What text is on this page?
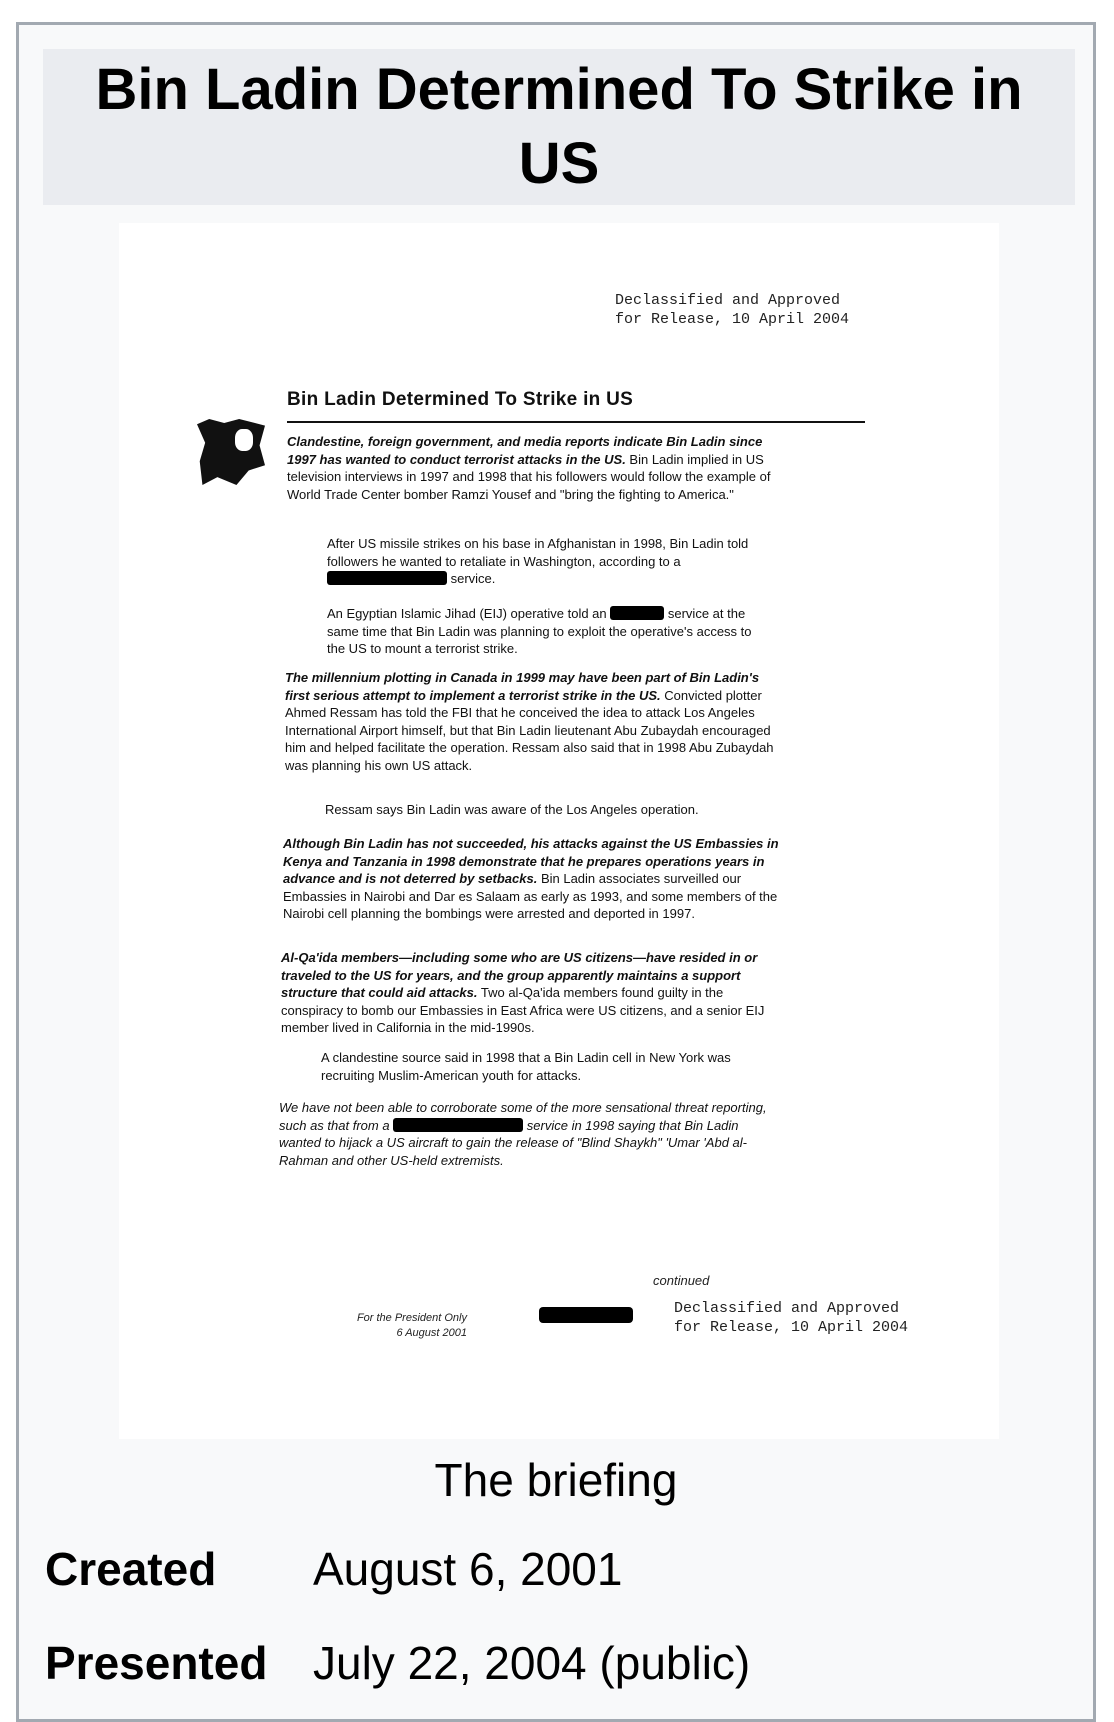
Bin Ladin Determined To Strike in US
Declassified and Approved
for Release, 10 April 2004
Bin Ladin Determined To Strike in US
Clandestine, foreign government, and media reports indicate Bin Ladin since 1997 has wanted to conduct terrorist attacks in the US. Bin Ladin implied in US television interviews in 1997 and 1998 that his followers would follow the example of World Trade Center bomber Ramzi Yousef and "bring the fighting to America."
After US missile strikes on his base in Afghanistan in 1998, Bin Ladin told followers he wanted to retaliate in Washington, according to a  service.
An Egyptian Islamic Jihad (EIJ) operative told an	service at the same time that Bin Ladin was planning to exploit the operative's access to the US to mount a terrorist strike.
The millennium plotting in Canada in 1999 may have been part of Bin Ladin's first serious attempt to implement a terrorist strike in the US. Convicted plotter Ahmed Ressam has told the FBI that he conceived the idea to attack Los Angeles International Airport himself, but that Bin Ladin lieutenant Abu Zubaydah encouraged him and helped facilitate the operation. Ressam also said that in 1998 Abu Zubaydah was planning his own US attack.
Ressam says Bin Ladin was aware of the Los Angeles operation.
Although Bin Ladin has not succeeded, his attacks against the US Embassies in Kenya and Tanzania in 1998 demonstrate that he prepares operations years in advance and is not deterred by setbacks. Bin Ladin associates surveilled our Embassies in Nairobi and Dar es Salaam as early as 1993, and some members of the Nairobi cell planning the bombings were arrested and deported in 1997.
Al-Qa'ida members—including some who are US citizens—have resided in or traveled to the US for years, and the group apparently maintains a support structure that could aid attacks. Two al-Qa'ida members found guilty in the conspiracy to bomb our Embassies in East Africa were US citizens, and a senior EIJ member lived in California in the mid-1990s.
A clandestine source said in 1998 that a Bin Ladin cell in New York was recruiting Muslim-American youth for attacks.
We have not been able to corroborate some of the more sensational threat reporting, such as that from a	service in 1998 saying that Bin Ladin wanted to hijack a US aircraft to gain the release of "Blind Shaykh" 'Umar 'Abd al-Rahman and other US-held extremists.
continued
For the President Only
6 August 2001
Declassified and Approved
for Release, 10 April 2004
The briefing
Created August 6, 2001
Presented July 22, 2004 (public)
